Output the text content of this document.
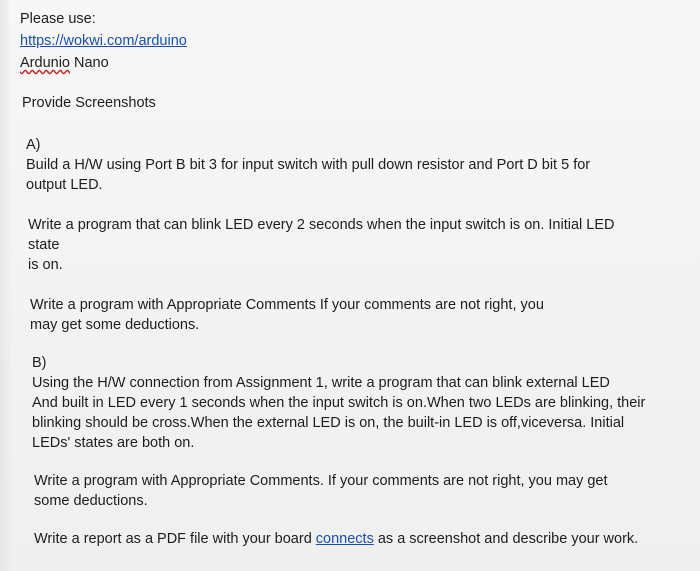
Please use:
https://wokwi.com/arduino
Ardunio Nano
Provide Screenshots
A)
Build a H/W using Port B bit 3 for input switch with pull down resistor and Port D bit 5 for
output LED.
Write a program that can blink LED every 2 seconds when the input switch is on. Initial LED
state
is on.
Write a program with Appropriate Comments If your comments are not right, you
may get some deductions.
B)
Using the H/W connection from Assignment 1, write a program that can blink external LED
And built in LED every 1 seconds when the input switch is on.When two LEDs are blinking, their
blinking should be cross.When the external LED is on, the built-in LED is off,viceversa. Initial
LEDs' states are both on.
Write a program with Appropriate Comments. If your comments are not right, you may get
some deductions.
Write a report as a PDF file with your board connects as a screenshot and describe your work.
